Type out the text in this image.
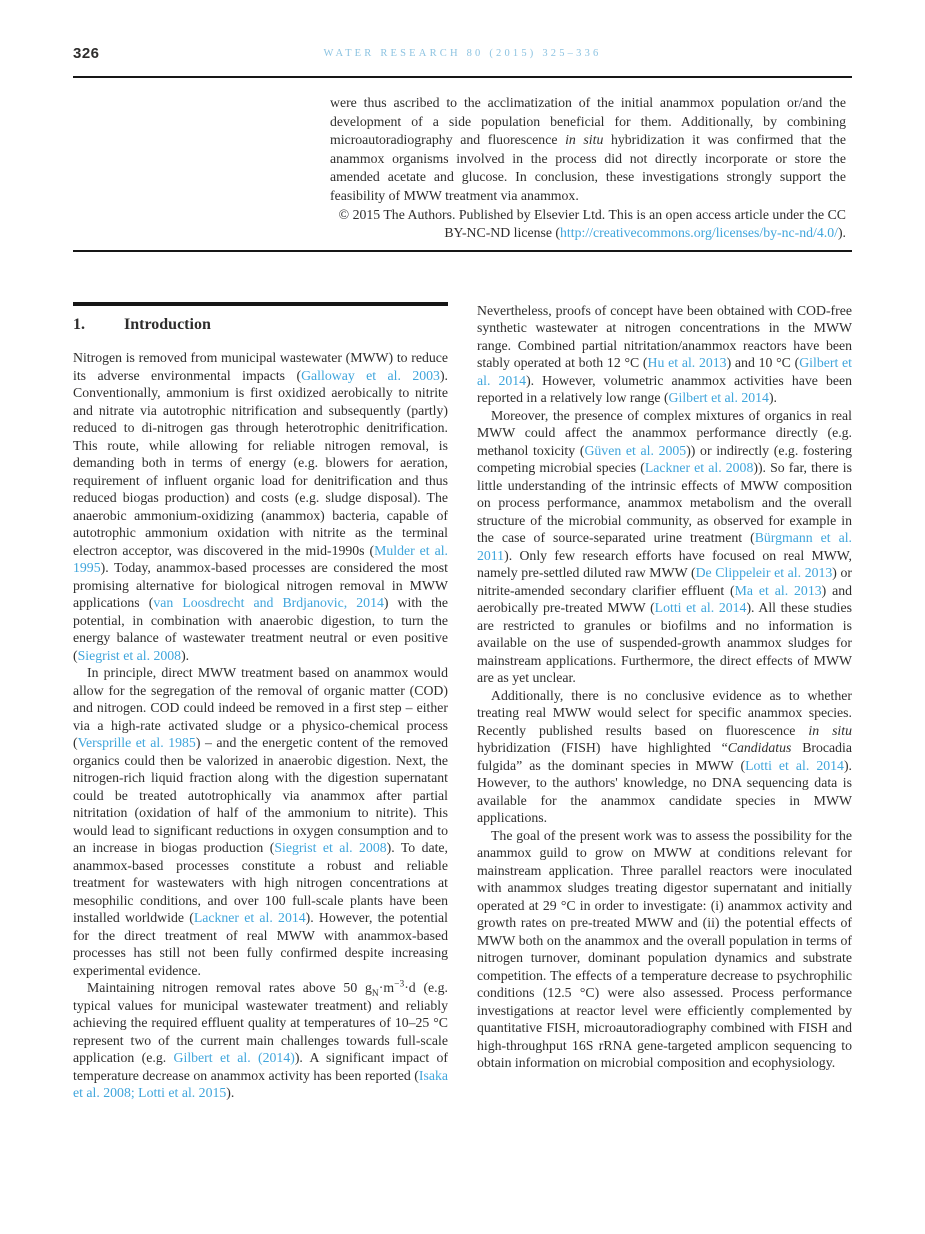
326	WATER RESEARCH 80 (2015) 325–336

were thus ascribed to the acclimatization of the initial anammox population or/and the development of a side population beneficial for them. Additionally, by combining microautoradiography and fluorescence in situ hybridization it was confirmed that the anammox organisms involved in the process did not directly incorporate or store the amended acetate and glucose. In conclusion, these investigations strongly support the feasibility of MWW treatment via anammox.

© 2015 The Authors. Published by Elsevier Ltd. This is an open access article under the CC BY-NC-ND license (http://creativecommons.org/licenses/by-nc-nd/4.0/).

1. Introduction

Nitrogen is removed from municipal wastewater (MWW) to reduce its adverse environmental impacts (Galloway et al. 2003). Conventionally, ammonium is first oxidized aerobically to nitrite and nitrate via autotrophic nitrification and subsequently (partly) reduced to di-nitrogen gas through heterotrophic denitrification. This route, while allowing for reliable nitrogen removal, is demanding both in terms of energy (e.g. blowers for aeration, requirement of influent organic load for denitrification and thus reduced biogas production) and costs (e.g. sludge disposal). The anaerobic ammonium-oxidizing (anammox) bacteria, capable of autotrophic ammonium oxidation with nitrite as the terminal electron acceptor, was discovered in the mid-1990s (Mulder et al. 1995). Today, anammox-based processes are considered the most promising alternative for biological nitrogen removal in MWW applications (van Loosdrecht and Brdjanovic, 2014) with the potential, in combination with anaerobic digestion, to turn the energy balance of wastewater treatment neutral or even positive (Siegrist et al. 2008).

In principle, direct MWW treatment based on anammox would allow for the segregation of the removal of organic matter (COD) and nitrogen. COD could indeed be removed in a first step – either via a high-rate activated sludge or a physico-chemical process (Versprille et al. 1985) – and the energetic content of the removed organics could then be valorized in anaerobic digestion. Next, the nitrogen-rich liquid fraction along with the digestion supernatant could be treated autotrophically via anammox after partial nitritation (oxidation of half of the ammonium to nitrite). This would lead to significant reductions in oxygen consumption and to an increase in biogas production (Siegrist et al. 2008). To date, anammox-based processes constitute a robust and reliable treatment for wastewaters with high nitrogen concentrations at mesophilic conditions, and over 100 full-scale plants have been installed worldwide (Lackner et al. 2014). However, the potential for the direct treatment of real MWW with anammox-based processes has still not been fully confirmed despite increasing experimental evidence.

Maintaining nitrogen removal rates above 50 $g_N\cdot m^{-3}\cdot d$ (e.g. typical values for municipal wastewater treatment) and reliably achieving the required effluent quality at temperatures of 10–25 °C represent two of the current main challenges towards full-scale application (e.g. Gilbert et al. (2014)). A significant impact of temperature decrease on anammox activity has been reported (Isaka et al. 2008; Lotti et al. 2015).

Nevertheless, proofs of concept have been obtained with COD-free synthetic wastewater at nitrogen concentrations in the MWW range. Combined partial nitritation/anammox reactors have been stably operated at both 12 °C (Hu et al. 2013) and 10 °C (Gilbert et al. 2014). However, volumetric anammox activities have been reported in a relatively low range (Gilbert et al. 2014).

Moreover, the presence of complex mixtures of organics in real MWW could affect the anammox performance directly (e.g. methanol toxicity (Güven et al. 2005)) or indirectly (e.g. fostering competing microbial species (Lackner et al. 2008)). So far, there is little understanding of the intrinsic effects of MWW composition on process performance, anammox metabolism and the overall structure of the microbial community, as observed for example in the case of source-separated urine treatment (Bürgmann et al. 2011). Only few research efforts have focused on real MWW, namely pre-settled diluted raw MWW (De Clippeleir et al. 2013) or nitrite-amended secondary clarifier effluent (Ma et al. 2013) and aerobically pre-treated MWW (Lotti et al. 2014). All these studies are restricted to granules or biofilms and no information is available on the use of suspended-growth anammox sludges for mainstream applications. Furthermore, the direct effects of MWW are as yet unclear.

Additionally, there is no conclusive evidence as to whether treating real MWW would select for specific anammox species. Recently published results based on fluorescence in situ hybridization (FISH) have highlighted “Candidatus Brocadia fulgida” as the dominant species in MWW (Lotti et al. 2014). However, to the authors' knowledge, no DNA sequencing data is available for the anammox candidate species in MWW applications.

The goal of the present work was to assess the possibility for the anammox guild to grow on MWW at conditions relevant for mainstream application. Three parallel reactors were inoculated with anammox sludges treating digestor supernatant and initially operated at 29 °C in order to investigate: (i) anammox activity and growth rates on pre-treated MWW and (ii) the potential effects of MWW both on the anammox and the overall population in terms of nitrogen turnover, dominant population dynamics and substrate competition. The effects of a temperature decrease to psychrophilic conditions (12.5 °C) were also assessed. Process performance investigations at reactor level were efficiently complemented by quantitative FISH, microautoradiography combined with FISH and high-throughput 16S rRNA gene-targeted amplicon sequencing to obtain information on microbial composition and ecophysiology.
